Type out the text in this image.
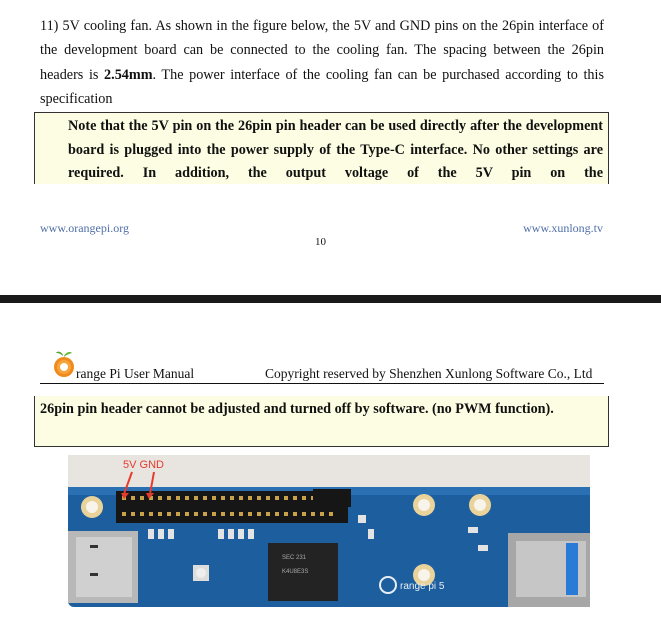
11) 5V cooling fan. As shown in the figure below, the 5V and GND pins on the 26pin interface of the development board can be connected to the cooling fan. The spacing between the 26pin headers is 2.54mm. The power interface of the cooling fan can be purchased according to this specification
Note that the 5V pin on the 26pin pin header can be used directly after the development board is plugged into the power supply of the Type-C interface. No other settings are required. In addition, the output voltage of the 5V pin on the
www.orangepi.org	www.xunlong.tv
10
range Pi User Manual	Copyright reserved by Shenzhen Xunlong Software Co., Ltd
26pin pin header cannot be adjusted and turned off by software. (no PWM function).
5V GND
SEC 231
K4U8E3S
range pi 5
